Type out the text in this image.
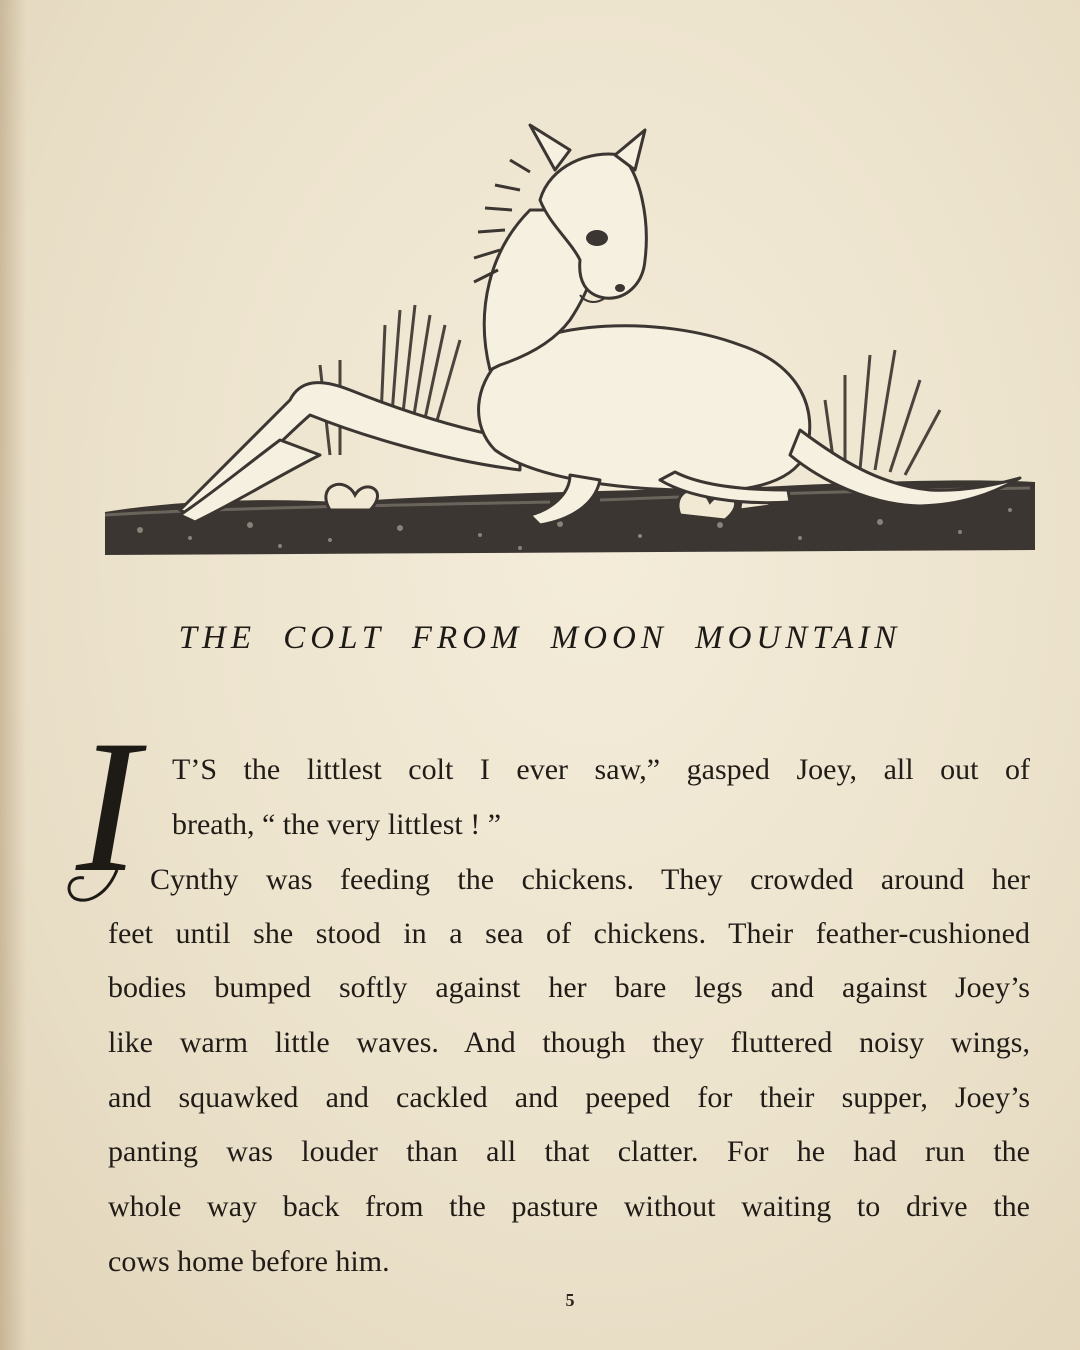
THE COLT FROM MOON MOUNTAIN
I T’S the littlest colt I ever saw,” gasped Joey, all out of
breath, “ the very littlest ! ”
Cynthy was feeding the chickens. They crowded around her
feet until she stood in a sea of chickens. Their feather-cushioned
bodies bumped softly against her bare legs and against Joey’s
like warm little waves. And though they fluttered noisy wings,
and squawked and cackled and peeped for their supper, Joey’s
panting was louder than all that clatter. For he had run the
whole way back from the pasture without waiting to drive the
cows home before him.
5
